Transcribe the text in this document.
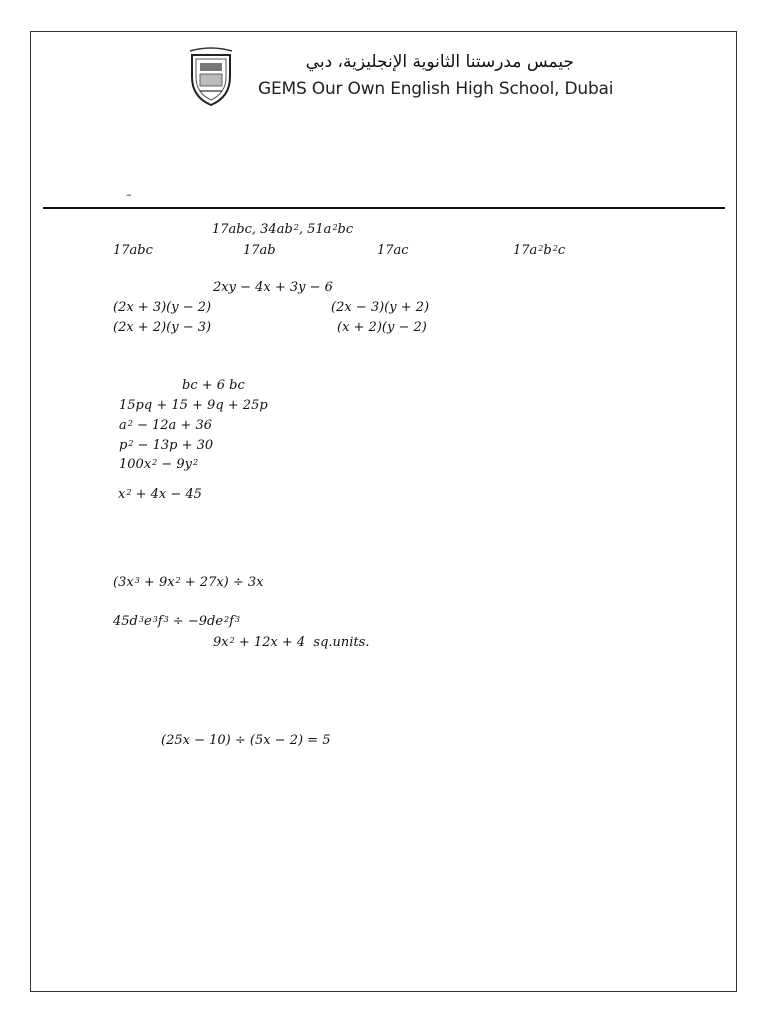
جيمس مدرستنا الثانوية الإنجليزية، دبي
GEMS Our Own English High School, Dubai
–
17abc, $34ab^2$, $51a^2bc$
17abc	17ab	17ac	$17a^2b^2c$
2xy − 4x + 3y − 6
(2x + 3)(y − 2)	(2x − 3)(y + 2)
(2x + 2)(y − 3)	(x + 2)(y − 2)
bc + 6 bc
15pq + 15 + 9q + 25p
$a^2 - 12a + 36$
$p^2 - 13p + 30$
$100x^2 - 9y^2$
$x^2 + 4x - 45$
$(3x^3 + 9x^2 + 27x) \div 3x$
$45d^3e^3f^3 \div -9de^2f^3$
$9x^2 + 12x + 4$  sq.units.
(25x − 10) ÷ (5x − 2) = 5
